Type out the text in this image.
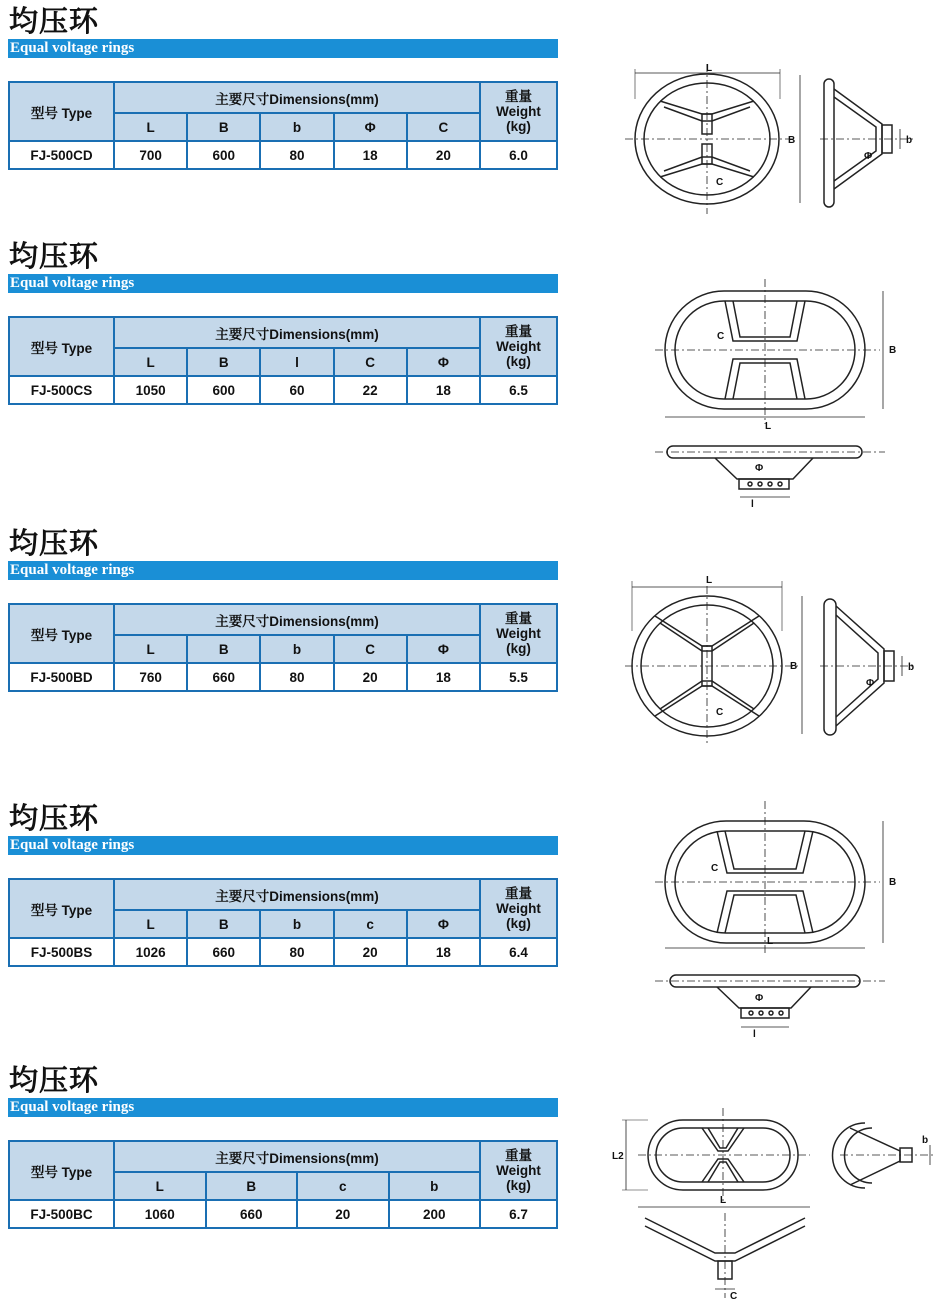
均压环
Equal voltage rings
型号 Type	主要尺寸Dimensions(mm)					重量
Weight
(kg)
	L	B	b	Φ	C	
FJ-500CD	700	600	80	18	20	6.0
L
B	b
Φ
C
均压环
Equal voltage rings
型号 Type	主要尺寸Dimensions(mm)					重量
Weight
(kg)
	L	B	l	C	Φ	
FJ-500CS	1050	600	60	22	18	6.5
B
L
C
Φ
l
均压环
Equal voltage rings
型号 Type	主要尺寸Dimensions(mm)					重量
Weight
(kg)
	L	B	b	C	Φ	
FJ-500BD	760	660	80	20	18	5.5
L
B	b
Φ
C
均压环
Equal voltage rings
型号 Type	主要尺寸Dimensions(mm)					重量
Weight
(kg)
	L	B	b	c	Φ	
FJ-500BS	1026	660	80	20	18	6.4
B
L
C
Φ
l
均压环
Equal voltage rings
型号 Type	主要尺寸Dimensions(mm)				重量
Weight
(kg)
	L	B	c	b	
FJ-500BC	1060	660	20	200	6.7
L
L2
b
C
